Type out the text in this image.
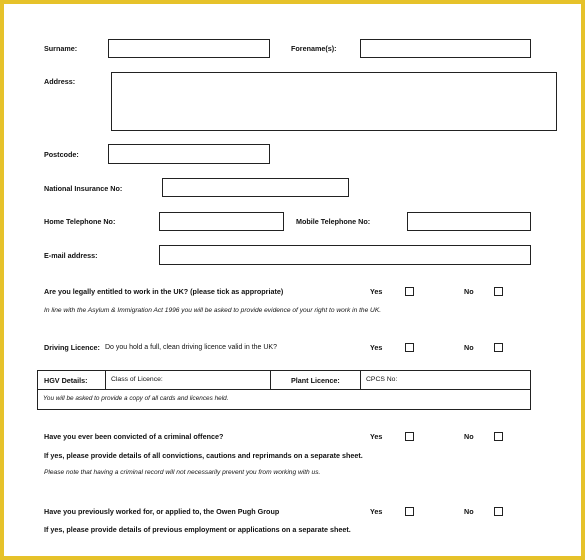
Surname:	Forename(s):
Address:
Postcode:
National Insurance No:
Home Telephone No:	Mobile Telephone No:
E-mail address:
Are you legally entitled to work in the UK? (please tick as appropriate)	Yes	No
In line with the Asylum & Immigration Act 1996 you will be asked to provide evidence of your right to work in the UK.
Driving Licence: Do you hold a full, clean driving licence valid in the UK?	Yes	No
HGV Details:	Class of Licence:	Plant Licence:	CPCS No:
You will be asked to provide a copy of all cards and licences held.
Have you ever been convicted of a criminal offence?	Yes	No
If yes, please provide details of all convictions, cautions and reprimands on a separate sheet.
Please note that having a criminal record will not necessarily prevent you from working with us.
Have you previously worked for, or applied to, the Owen Pugh Group	Yes	No
If yes, please provide details of previous employment or applications on a separate sheet.
